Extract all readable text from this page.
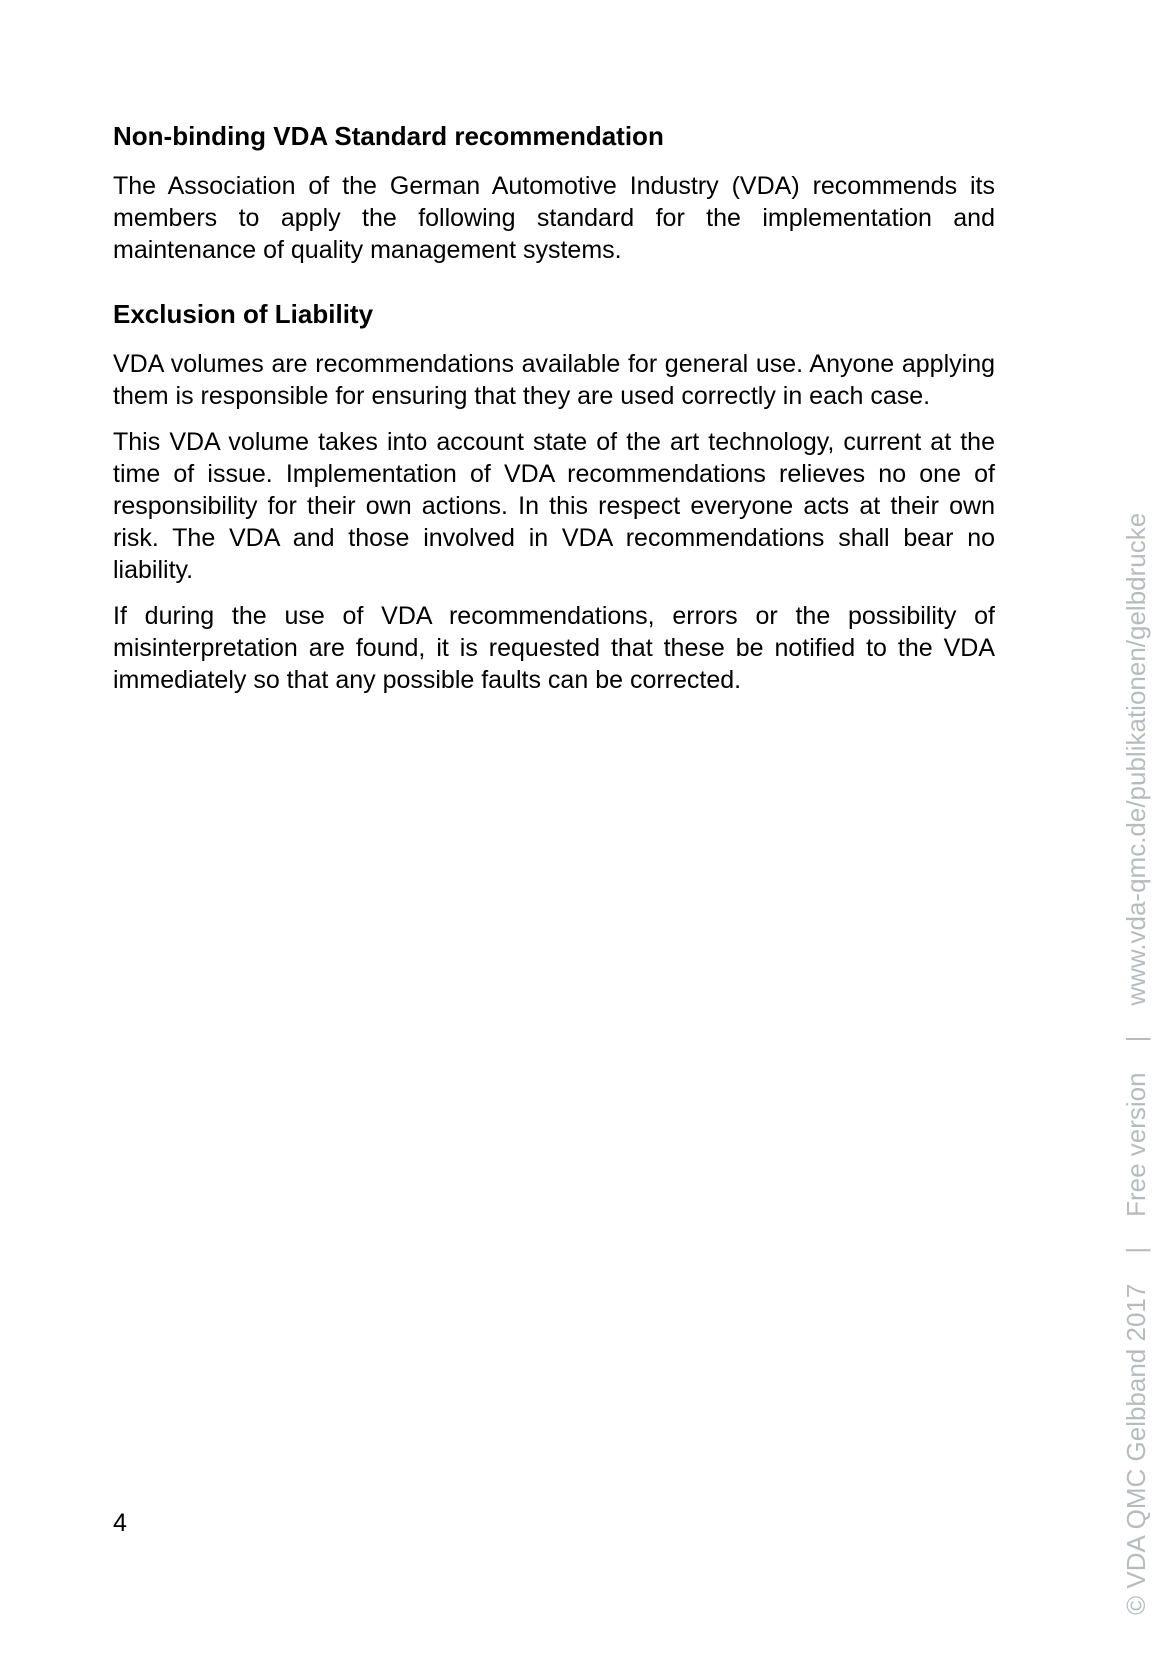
Non-binding VDA Standard recommendation

The Association of the German Automotive Industry (VDA) recommends its members to apply the following standard for the implementation and maintenance of quality management systems.

Exclusion of Liability

VDA volumes are recommendations available for general use. Anyone applying them is responsible for ensuring that they are used correctly in each case.

This VDA volume takes into account state of the art technology, current at the time of issue. Implementation of VDA recommendations relieves no one of responsibility for their own actions. In this respect everyone acts at their own risk. The VDA and those involved in VDA recommendations shall bear no liability.

If during the use of VDA recommendations, errors or the possibility of misinterpretation are found, it is requested that these be notified to the VDA immediately so that any possible faults can be corrected.

4	© VDA QMC Gelbband 2017
|
Free version
|
www.vda-qmc.de/publikationen/gelbdrucke
